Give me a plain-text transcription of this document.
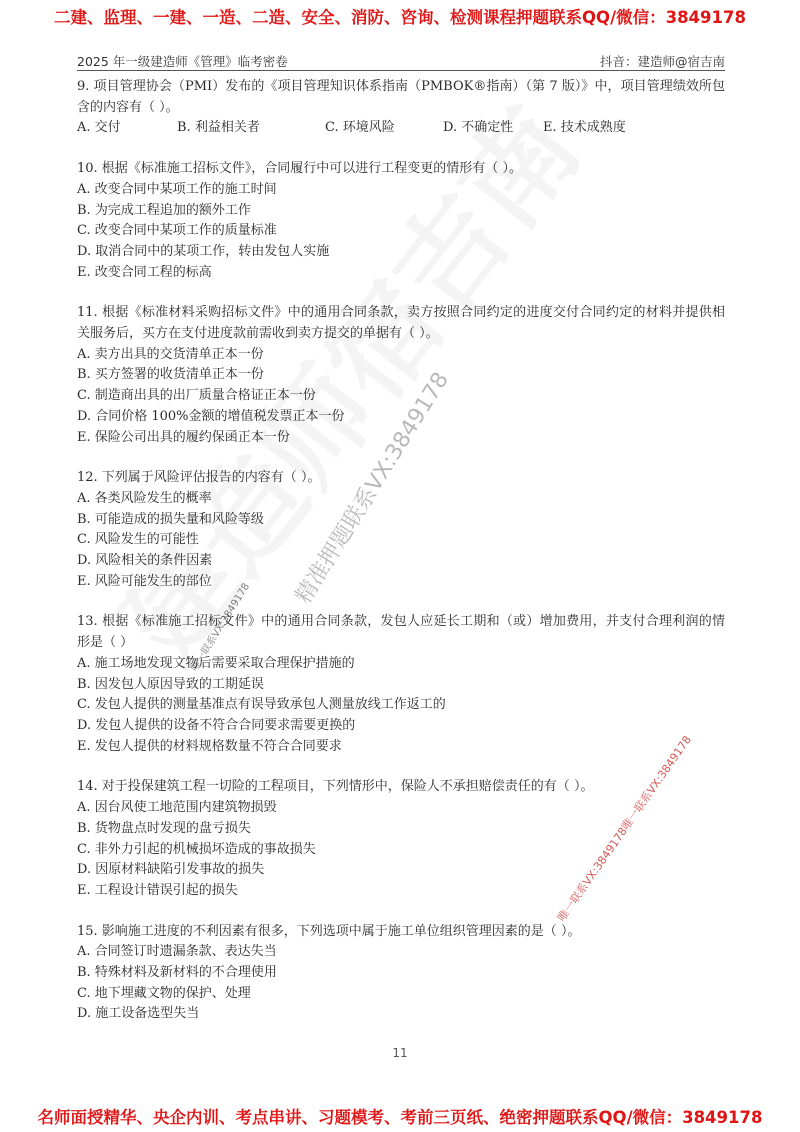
二建、监理、一建、一造、二造、安全、消防、咨询、检测课程押题联系QQ/微信：3849178
2025 年一级建造师《管理》临考密卷	抖音：建造师@宿吉南
9. 项目管理协会（PMI）发布的《项目管理知识体系指南（PMBOK®指南）（第 7 版）》中，项目管理绩效所包含的内容有（ ）。
A. 交付	B. 利益相关者	C. 环境风险	D. 不确定性	E. 技术成熟度
10. 根据《标准施工招标文件》，合同履行中可以进行工程变更的情形有（ ）。
A. 改变合同中某项工作的施工时间
B. 为完成工程追加的额外工作
C. 改变合同中某项工作的质量标准
D. 取消合同中的某项工作，转由发包人实施
E. 改变合同工程的标高
11. 根据《标准材料采购招标文件》中的通用合同条款，卖方按照合同约定的进度交付合同约定的材料并提供相关服务后，买方在支付进度款前需收到卖方提交的单据有（ ）。
A. 卖方出具的交货清单正本一份
B. 买方签署的收货清单正本一份
C. 制造商出具的出厂质量合格证正本一份
D. 合同价格 100%金额的增值税发票正本一份
E. 保险公司出具的履约保函正本一份
12. 下列属于风险评估报告的内容有（ ）。
A. 各类风险发生的概率
B. 可能造成的损失量和风险等级
C. 风险发生的可能性
D. 风险相关的条件因素
E. 风险可能发生的部位
13. 根据《标准施工招标文件》中的通用合同条款，发包人应延长工期和（或）增加费用，并支付合理利润的情形是（ ）
A. 施工场地发现文物后需要采取合理保护措施的
B. 因发包人原因导致的工期延误
C. 发包人提供的测量基准点有误导致承包人测量放线工作返工的
D. 发包人提供的设备不符合合同要求需要更换的
E. 发包人提供的材料规格数量不符合合同要求
14. 对于投保建筑工程一切险的工程项目，下列情形中，保险人不承担赔偿责任的有（ ）。
A. 因台风使工地范围内建筑物损毁
B. 货物盘点时发现的盘亏损失
C. 非外力引起的机械损坏造成的事故损失
D. 因原材料缺陷引发事故的损失
E. 工程设计错误引起的损失
15. 影响施工进度的不利因素有很多，下列选项中属于施工单位组织管理因素的是（ ）。
A. 合同签订时遗漏条款、表达失当
B. 特殊材料及新材料的不合理使用
C. 地下埋藏文物的保护、处理
D. 施工设备选型失当
精准押题联系VX:3849178
唯一联系VX:3849178
唯一联系VX:3849178唯一联系VX:3849178
11
名师面授精华、央企内训、考点串讲、习题模考、考前三页纸、绝密押题联系QQ/微信：3849178
